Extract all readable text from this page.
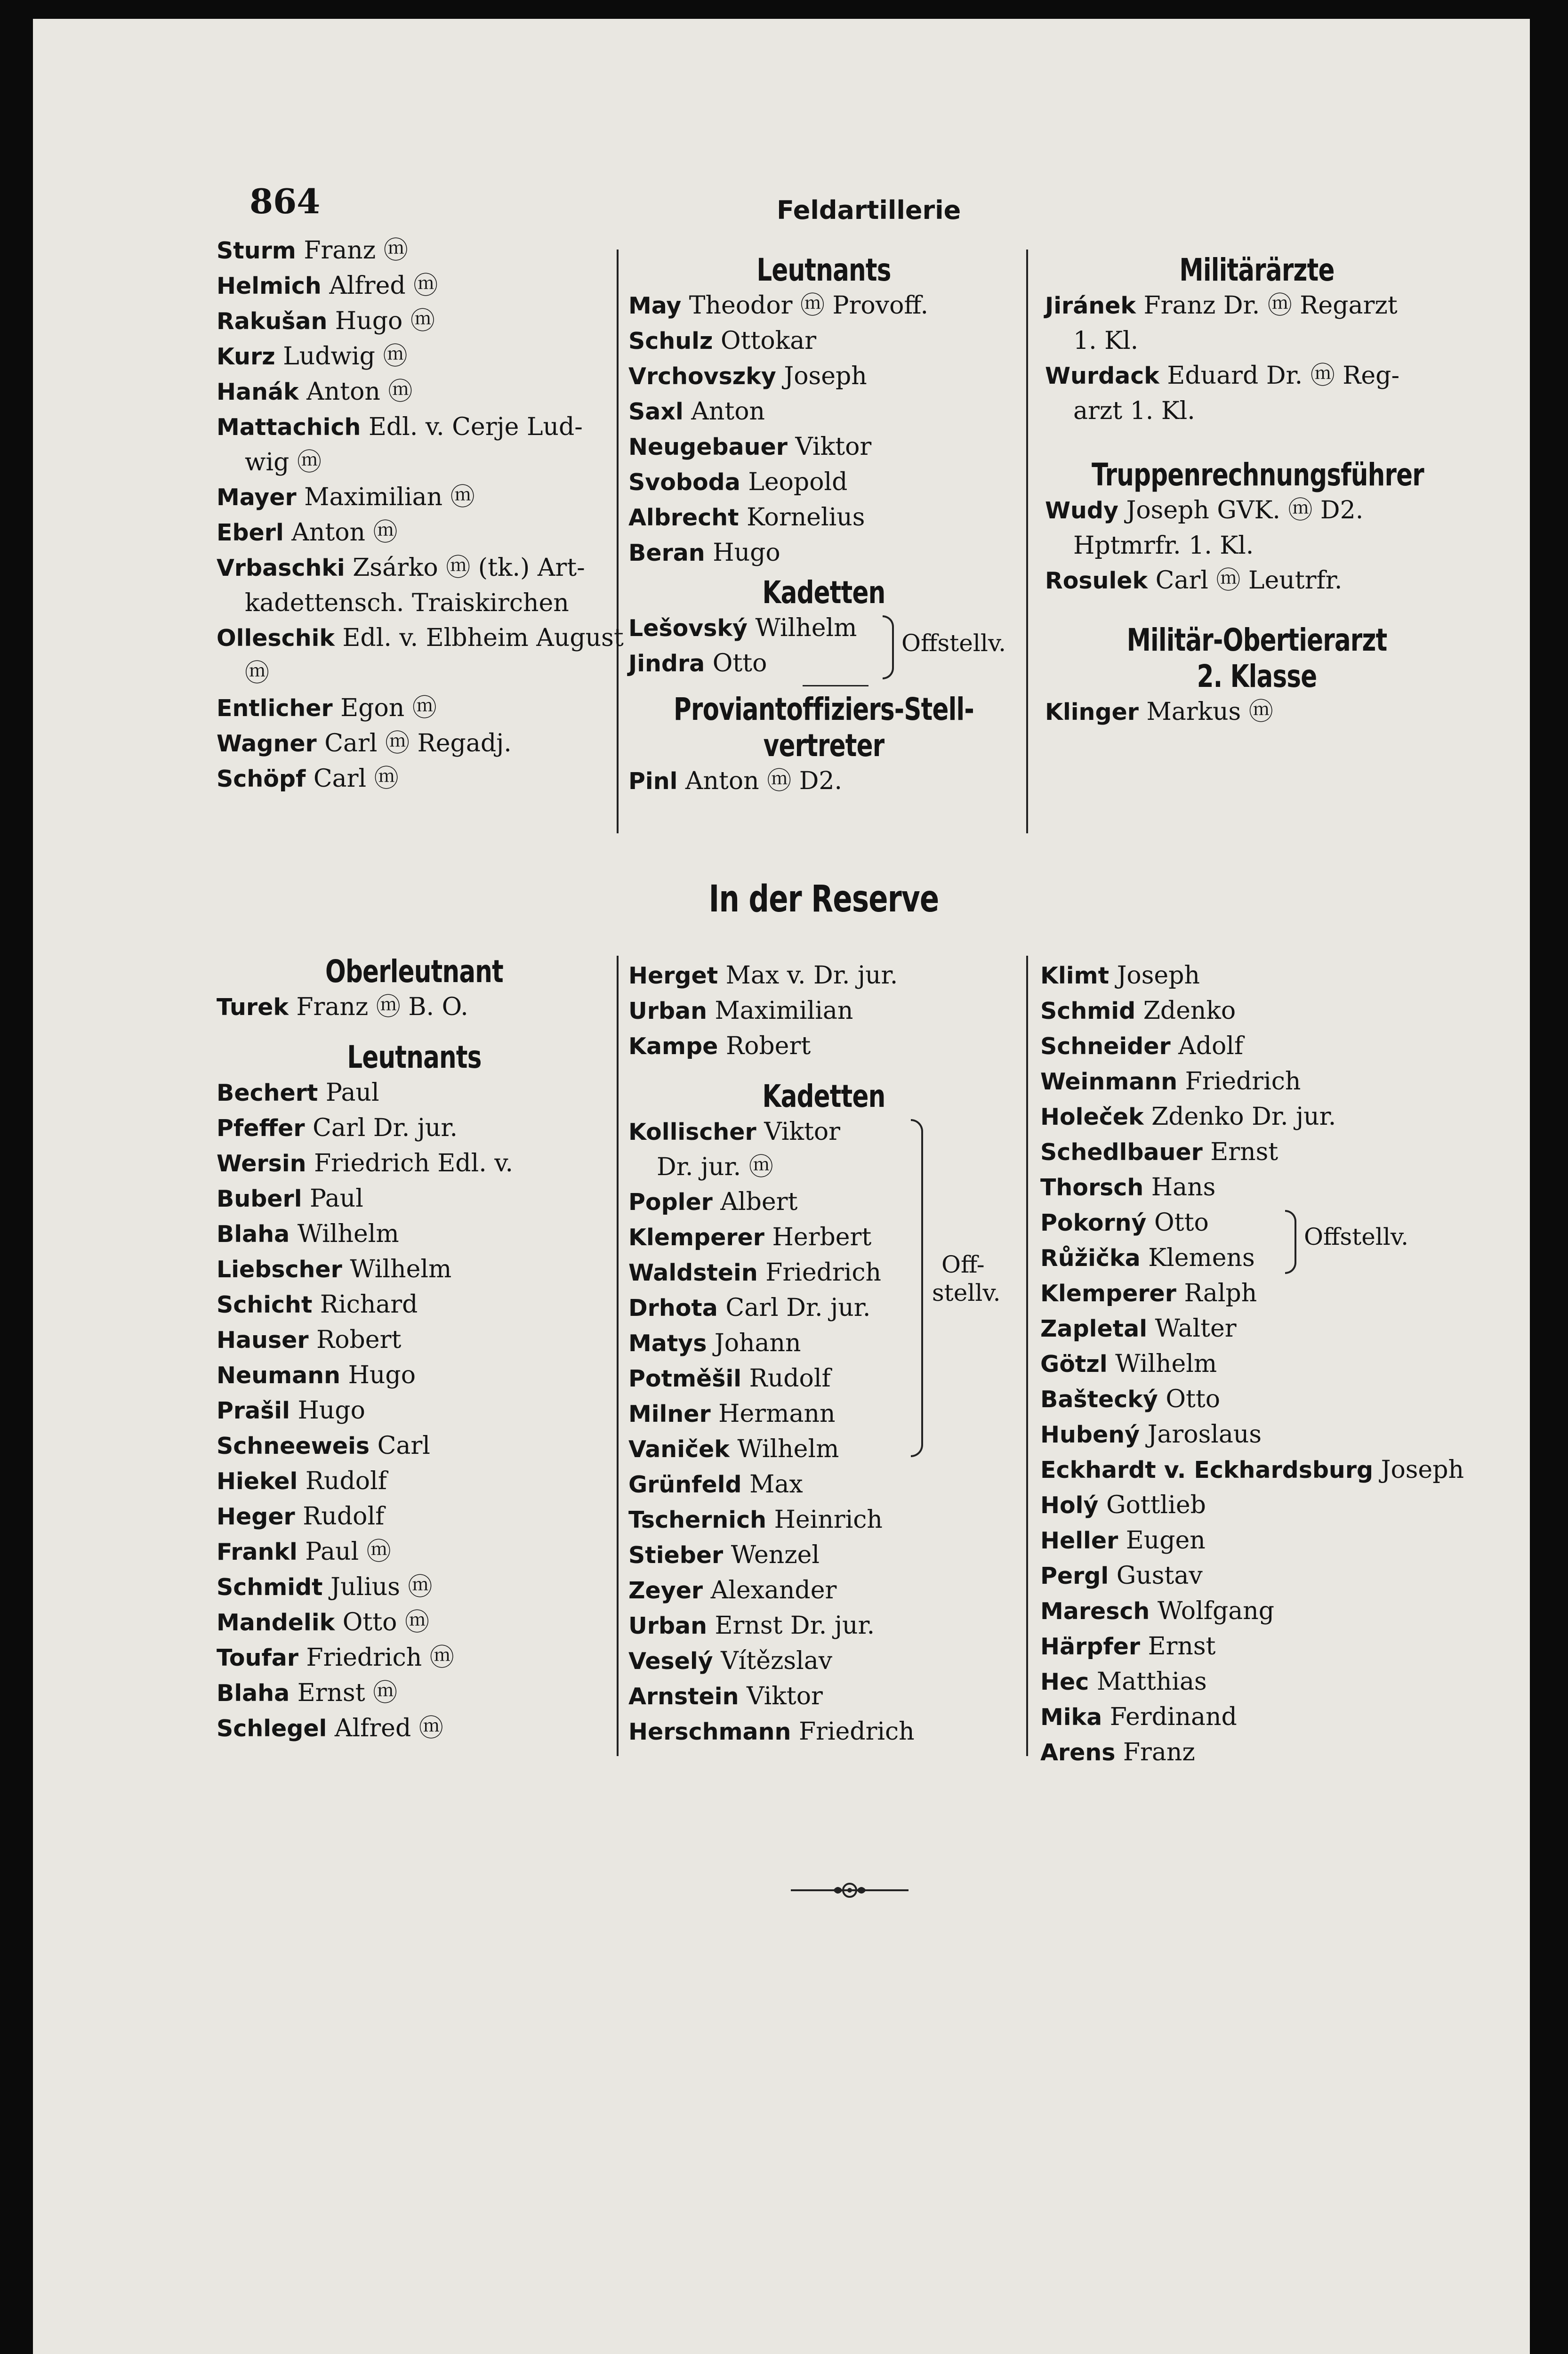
864	Feldartillerie
Sturm Franz ⓜ
Helmich Alfred ⓜ
Rakušan Hugo ⓜ
Kurz Ludwig ⓜ
Hanák Anton ⓜ
Mattachich Edl. v. Cerje Lud-
wig ⓜ
Mayer Maximilian ⓜ
Eberl Anton ⓜ
Vrbaschki Zsárko ⓜ (tk.) Art-
kadettensch. Traiskirchen
Olleschik Edl. v. Elbheim August
ⓜ
Entlicher Egon ⓜ
Wagner Carl ⓜ Regadj.
Schöpf Carl ⓜ
Oberleutnant
Turek Franz ⓜ B. O.
Leutnants
Bechert Paul
Pfeffer Carl Dr. jur.
Wersin Friedrich Edl. v.
Buberl Paul
Blaha Wilhelm
Liebscher Wilhelm
Schicht Richard
Hauser Robert
Neumann Hugo
Prašil Hugo
Schneeweis Carl
Hiekel Rudolf
Heger Rudolf
Frankl Paul ⓜ
Schmidt Julius ⓜ
Mandelik Otto ⓜ
Toufar Friedrich ⓜ
Blaha Ernst ⓜ
Schlegel Alfred ⓜ
Leutnants
May Theodor ⓜ Provoff.
Schulz Ottokar
Vrchovszky Joseph
Saxl Anton
Neugebauer Viktor
Svoboda Leopold
Albrecht Kornelius
Beran Hugo
Kadetten
Lešovský Wilhelm
Jindra Otto
Offstellv.
Proviantoffiziers-Stell-
vertreter
Pinl Anton ⓜ D2.
Militärärzte
Jiránek Franz Dr. ⓜ Regarzt
1. Kl.
Wurdack Eduard Dr. ⓜ Reg-
arzt 1. Kl.
Truppenrechnungsführer
Wudy Joseph GVK. ⓜ D2.
Hptmrfr. 1. Kl.
Rosulek Carl ⓜ Leutrfr.
Militär-Obertierarzt
2. Klasse
Klinger Markus ⓜ
In der Reserve
Herget Max v. Dr. jur.
Urban Maximilian
Kampe Robert
Kadetten
Kollischer Viktor
Dr. jur. ⓜ
Popler Albert
Klemperer Herbert
Waldstein Friedrich
Drhota Carl Dr. jur.
Matys Johann
Potměšil Rudolf
Milner Hermann
Vaniček Wilhelm
Off-
stellv.
Grünfeld Max
Tschernich Heinrich
Stieber Wenzel
Zeyer Alexander
Urban Ernst Dr. jur.
Veselý Vítězslav
Arnstein Viktor
Herschmann Friedrich
Klimt Joseph
Schmid Zdenko
Schneider Adolf
Weinmann Friedrich
Holeček Zdenko Dr. jur.
Schedlbauer Ernst
Thorsch Hans
Pokorný Otto
Růžička Klemens
Offstellv.
Klemperer Ralph
Zapletal Walter
Götzl Wilhelm
Baštecký Otto
Hubený Jaroslaus
Eckhardt v. Eckhardsburg Joseph
Holý Gottlieb
Heller Eugen
Pergl Gustav
Maresch Wolfgang
Härpfer Ernst
Hec Matthias
Mika Ferdinand
Arens Franz
